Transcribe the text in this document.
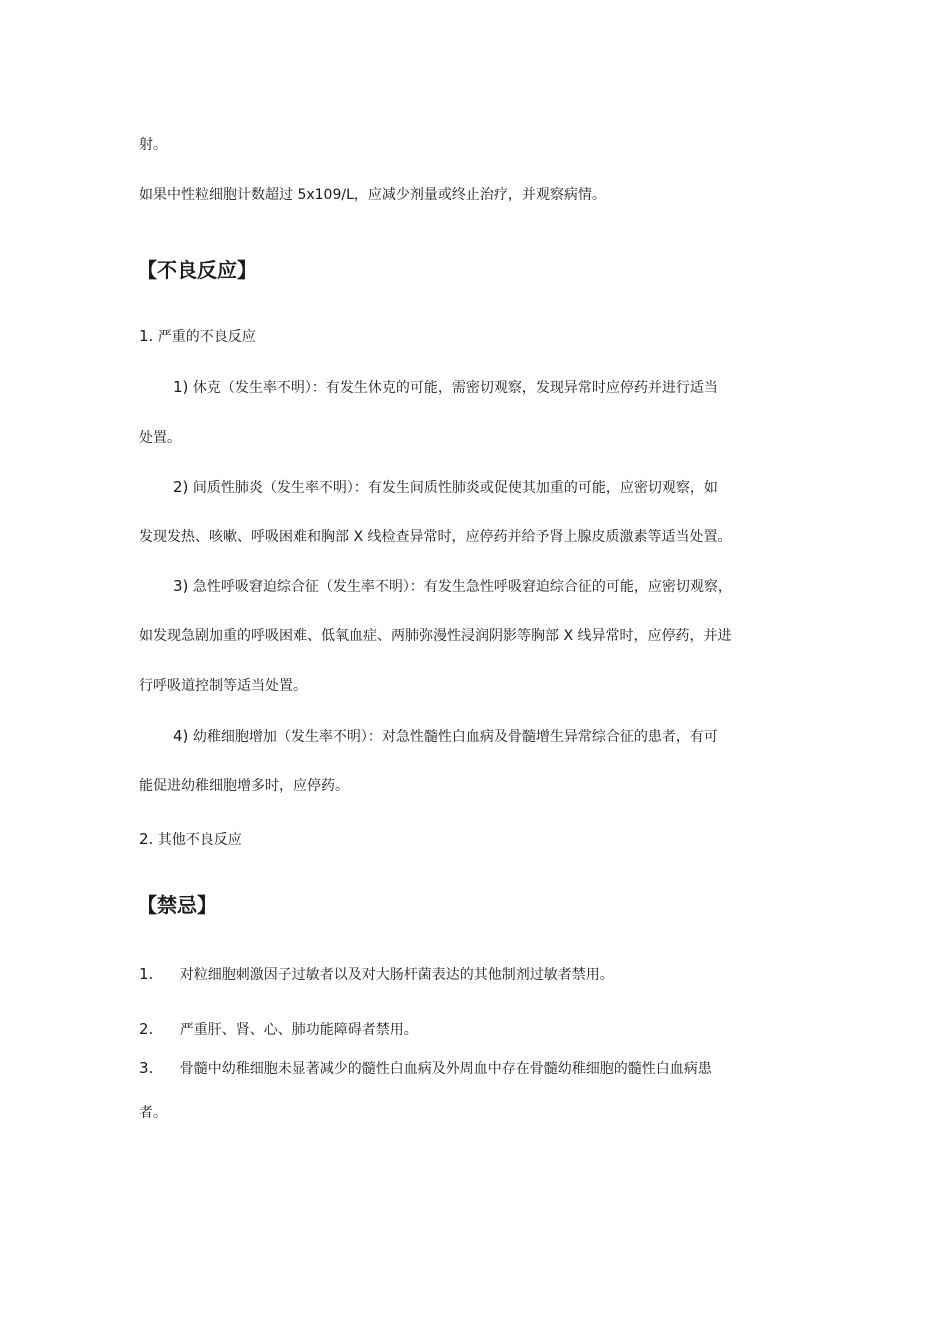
射。
如果中性粒细胞计数超过 5x109/L，应减少剂量或终止治疗，并观察病情。
【不良反应】
1. 严重的不良反应
1) 休克（发生率不明）：有发生休克的可能，需密切观察，发现异常时应停药并进行适当
处置。
2) 间质性肺炎（发生率不明）：有发生间质性肺炎或促使其加重的可能，应密切观察，如
发现发热、咳嗽、呼吸困难和胸部 X 线检查异常时，应停药并给予肾上腺皮质激素等适当处置。
3) 急性呼吸窘迫综合征（发生率不明）：有发生急性呼吸窘迫综合征的可能，应密切观察，
如发现急剧加重的呼吸困难、低氧血症、两肺弥漫性浸润阴影等胸部 X 线异常时，应停药，并进
行呼吸道控制等适当处置。
4) 幼稚细胞增加（发生率不明）：对急性髓性白血病及骨髓增生异常综合征的患者，有可
能促进幼稚细胞增多时，应停药。
2. 其他不良反应
【禁忌】
1. 对粒细胞刺激因子过敏者以及对大肠杆菌表达的其他制剂过敏者禁用。
2. 严重肝、肾、心、肺功能障碍者禁用。
3. 骨髓中幼稚细胞未显著减少的髓性白血病及外周血中存在骨髓幼稚细胞的髓性白血病患
者。
